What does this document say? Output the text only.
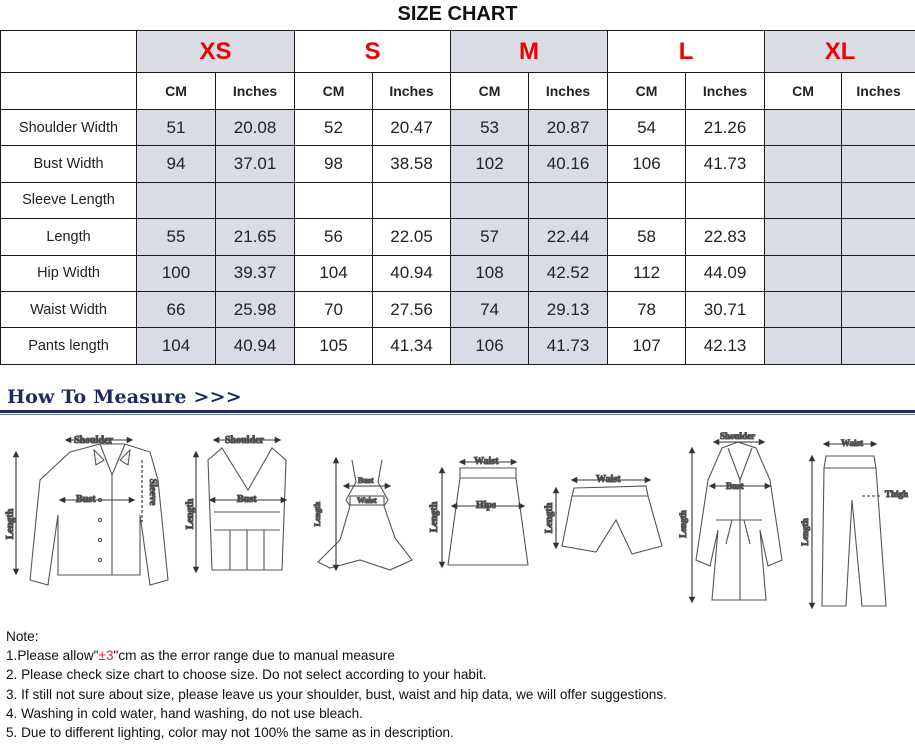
SIZE CHART
	XS		S		M		L		XL	
	CM	Inches	CM	Inches	CM	Inches	CM	Inches	CM	Inches
Shoulder Width	51	20.08	52	20.47	53	20.87	54	21.26		
Bust Width	94	37.01	98	38.58	102	40.16	106	41.73		
Sleeve Length										
Length	55	21.65	56	22.05	57	22.44	58	22.83		
Hip Width	100	39.37	104	40.94	108	42.52	112	44.09		
Waist Width	66	25.98	70	27.56	74	29.13	78	30.71		
Pants length	104	40.94	105	41.34	106	41.73	107	42.13		
How To Measure >>>
Shoulder
Bust
Length
Sleeve
Shoulder
Bust
Length
Bust
Waist
Length
Waist
Hips
Length
Waist
Length
Shoulder
Bust
Length
Waist
Thigh
Length
Note:
1.Please allow"±3"cm as the error range due to manual measure
2. Please check size chart to choose size. Do not select according to your habit.
3. If still not sure about size, please leave us your shoulder, bust, waist and hip data, we will offer suggestions.
4. Washing in cold water, hand washing, do not use bleach.
5. Due to different lighting, color may not 100% the same as in description.
